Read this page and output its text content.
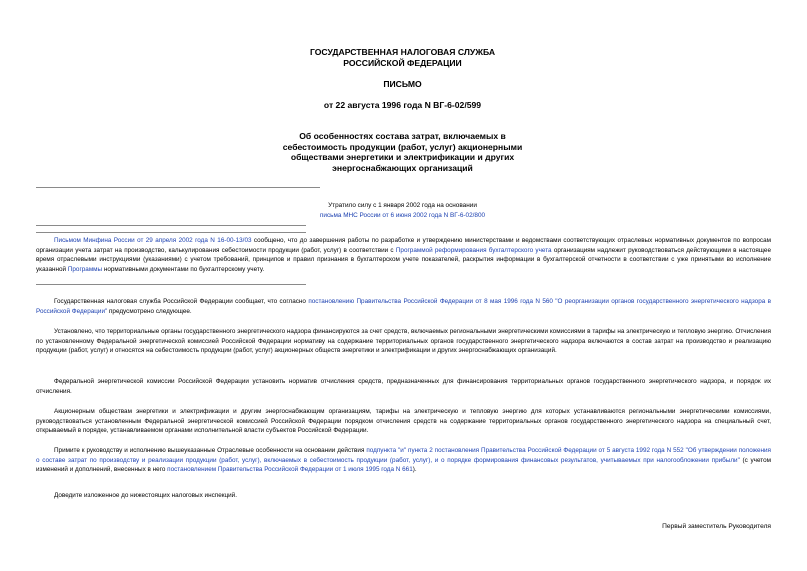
ГОСУДАРСТВЕННАЯ НАЛОГОВАЯ СЛУЖБА
РОССИЙСКОЙ ФЕДЕРАЦИИ
ПИСЬМО
от 22 августа 1996 года N ВГ-6-02/599
Об особенностях состава затрат, включаемых в
себестоимость продукции (работ, услуг) акционерными
обществами энергетики и электрификации и других
энергоснабжающих организаций
Утратило силу с 1 января 2002 года на основании
письма МНС России от 6 июня 2002 года N ВГ-6-02/800
Письмом Минфина России от 29 апреля 2002 года N 16-00-13/03 сообщено, что до завершения работы по разработке и утверждению министерствами и ведомствами соответствующих отраслевых нормативных документов по вопросам организации учета затрат на производство, калькулирования себестоимости продукции (работ, услуг) в соответствии с Программой реформирования бухгалтерского учета организациям надлежит руководствоваться действующими в настоящее время отраслевыми инструкциями (указаниями) с учетом требований, принципов и правил признания в бухгалтерском учете показателей, раскрытия информации в бухгалтерской отчетности в соответствии с уже принятыми во исполнение указанной Программы нормативными документами по бухгалтерскому учету.
Государственная налоговая служба Российской Федерации сообщает, что согласно постановлению Правительства Российской Федерации от 8 мая 1996 года N 560 "О реорганизации органов государственного энергетического надзора в Российской Федерации" предусмотрено следующее.
Установлено, что территориальные органы государственного энергетического надзора финансируются за счет средств, включаемых региональными энергетическими комиссиями в тарифы на электрическую и тепловую энергию. Отчисления по установленному Федеральной энергетической комиссией Российской Федерации нормативу на содержание территориальных органов государственного энергетического надзора включаются в состав затрат на производство и реализацию продукции (работ, услуг) и относятся на себестоимость продукции (работ, услуг) акционерных обществ энергетики и электрификации и других энергоснабжающих организаций.
Федеральной энергетической комиссии Российской Федерации установить норматив отчисления средств, предназначенных для финансирования территориальных органов государственного энергетического надзора, и порядок их отчисления.
Акционерным обществам энергетики и электрификации и другим энергоснабжающим организациям, тарифы на электрическую и тепловую энергию для которых устанавливаются региональными энергетическими комиссиями, руководствоваться установленным Федеральной энергетической комиссией Российской Федерации порядком отчисления средств на содержание территориальных органов государственного энергетического надзора на специальный счет, открываемый в порядке, устанавливаемом органами исполнительной власти субъектов Российской Федерации.
Примите к руководству и исполнению вышеуказанные Отраслевые особенности на основании действия подпункта "и" пункта 2 постановления Правительства Российской Федерации от 5 августа 1992 года N 552 "Об утверждении положения о составе затрат по производству и реализации продукции (работ, услуг), включаемых в себестоимость продукции (работ, услуг), и о порядке формирования финансовых результатов, учитываемых при налогообложении прибыли" (с учетом изменений и дополнений, внесенных в него постановлением Правительства Российской Федерации от 1 июля 1995 года N 661).
Доведите изложенное до нижестоящих налоговых инспекций.
Первый заместитель Руководителя
